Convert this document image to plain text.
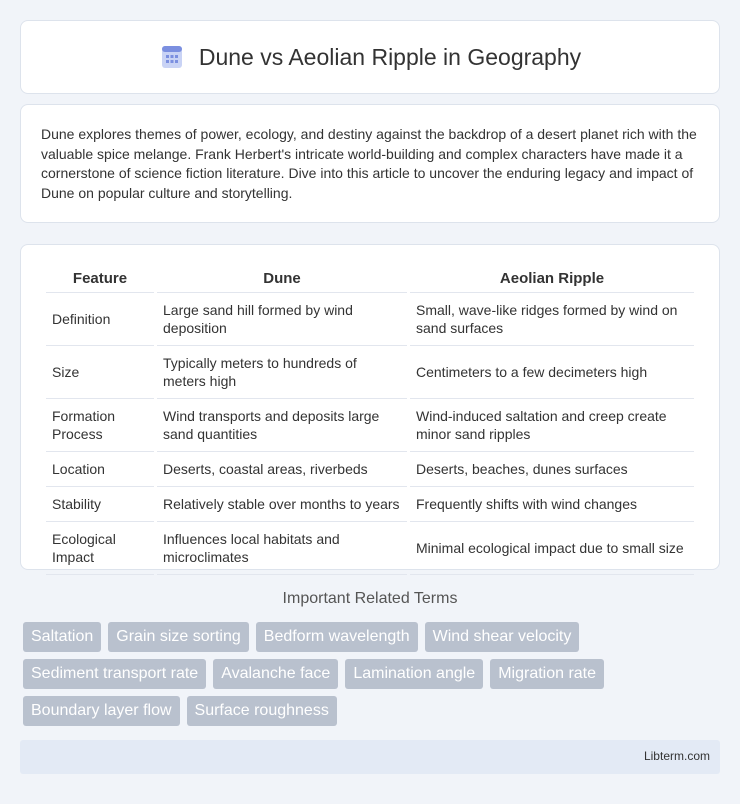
Dune vs Aeolian Ripple in Geography

Dune explores themes of power, ecology, and destiny against the backdrop of a desert planet rich with the valuable spice melange. Frank Herbert's intricate world-building and complex characters have made it a cornerstone of science fiction literature. Dive into this article to uncover the enduring legacy and impact of Dune on popular culture and storytelling.

Feature	Dune	Aeolian Ripple
Definition	Large sand hill formed by wind deposition	Small, wave-like ridges formed by wind on sand surfaces
Size	Typically meters to hundreds of meters high	Centimeters to a few decimeters high
Formation Process	Wind transports and deposits large sand quantities	Wind-induced saltation and creep create minor sand ripples
Location	Deserts, coastal areas, riverbeds	Deserts, beaches, dunes surfaces
Stability	Relatively stable over months to years	Frequently shifts with wind changes
Ecological Impact	Influences local habitats and microclimates	Minimal ecological impact due to small size
Important Related Terms
Saltation	Grain size sorting	Bedform wavelength	Wind shear velocity
Sediment transport rate	Avalanche face	Lamination angle	Migration rate
Boundary layer flow	Surface roughness
Libterm.com
